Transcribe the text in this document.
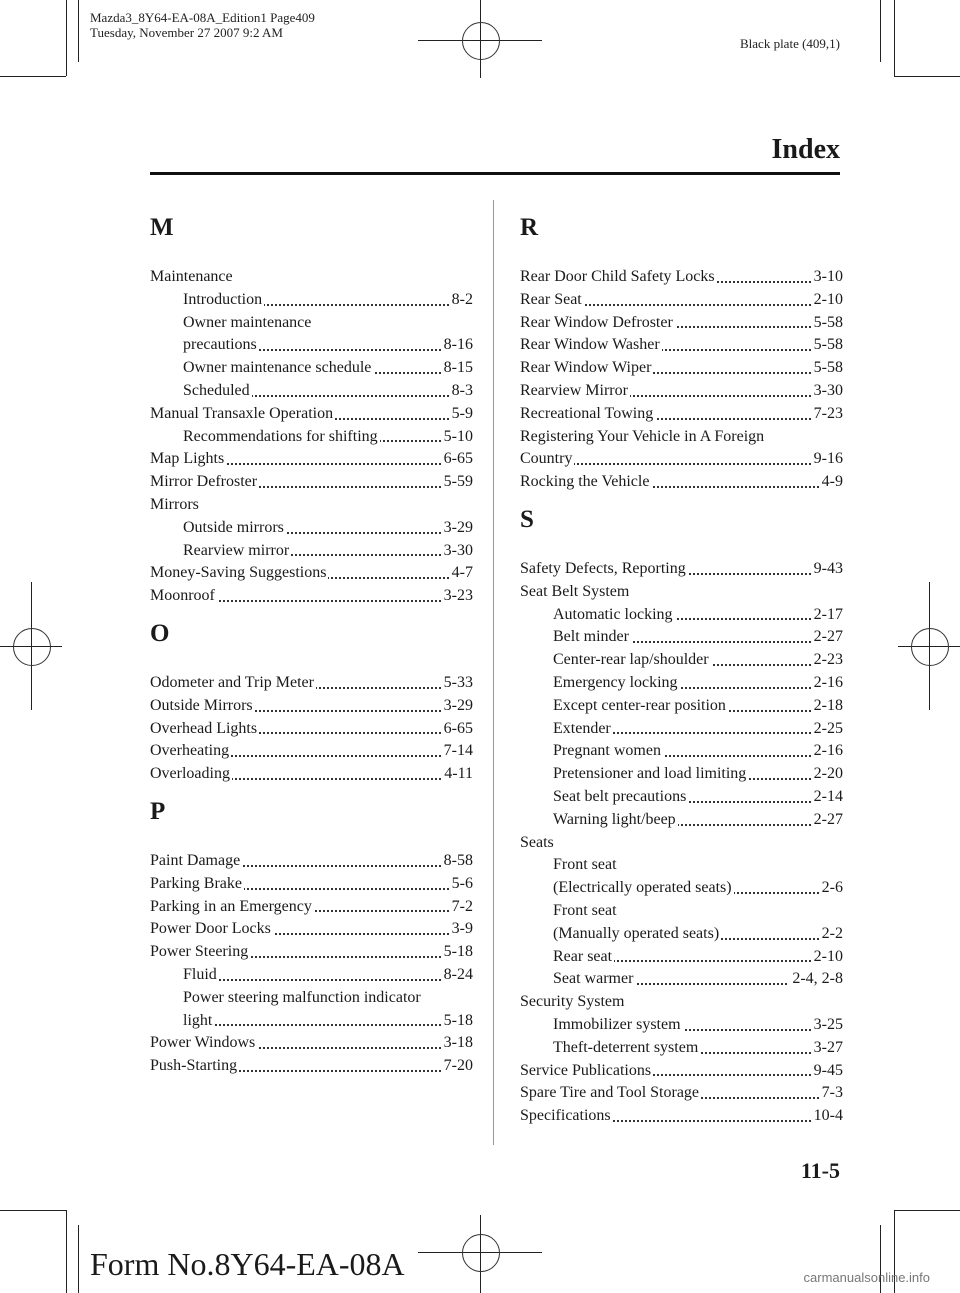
Mazda3_8Y64-EA-08A_Edition1 Page409
Tuesday, November 27 2007 9:2 AM
Black plate (409,1)
Index
M
Maintenance
Introduction	8-2
Owner maintenance
precautions	8-16
Owner maintenance schedule	8-15
Scheduled	8-3
Manual Transaxle Operation	5-9
Recommendations for shifting	5-10
Map Lights	6-65
Mirror Defroster	5-59
Mirrors
Outside mirrors	3-29
Rearview mirror	3-30
Money-Saving Suggestions	4-7
Moonroof	3-23
O
Odometer and Trip Meter	5-33
Outside Mirrors	3-29
Overhead Lights	6-65
Overheating	7-14
Overloading	4-11
P
Paint Damage	8-58
Parking Brake	5-6
Parking in an Emergency	7-2
Power Door Locks	3-9
Power Steering	5-18
Fluid	8-24
Power steering malfunction indicator
light	5-18
Power Windows	3-18
Push-Starting	7-20
R
Rear Door Child Safety Locks	3-10
Rear Seat	2-10
Rear Window Defroster	5-58
Rear Window Washer	5-58
Rear Window Wiper	5-58
Rearview Mirror	3-30
Recreational Towing	7-23
Registering Your Vehicle in A Foreign
Country	9-16
Rocking the Vehicle	4-9
S
Safety Defects, Reporting	9-43
Seat Belt System
Automatic locking	2-17
Belt minder	2-27
Center-rear lap/shoulder	2-23
Emergency locking	2-16
Except center-rear position	2-18
Extender	2-25
Pregnant women	2-16
Pretensioner and load limiting	2-20
Seat belt precautions	2-14
Warning light/beep	2-27
Seats
Front seat
(Electrically operated seats)	2-6
Front seat
(Manually operated seats)	2-2
Rear seat	2-10
Seat warmer	2-4, 2-8
Security System
Immobilizer system	3-25
Theft-deterrent system	3-27
Service Publications	9-45
Spare Tire and Tool Storage	7-3
Specifications	10-4
11-5
Form No.8Y64-EA-08A	carmanualsonline.info
